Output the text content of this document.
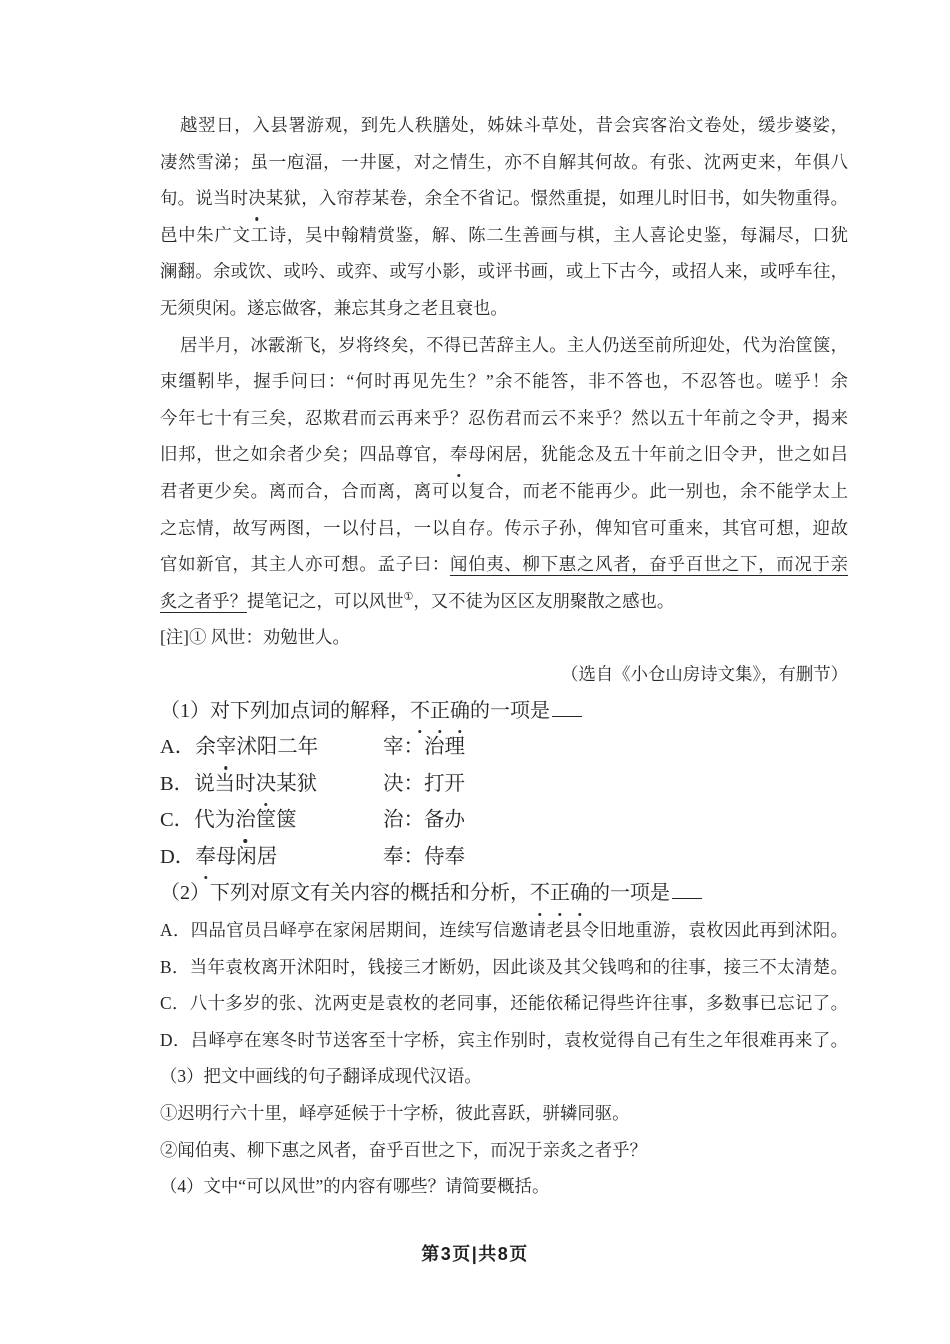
越翌日，入县署游观，到先人秩膳处，姊妹斗草处，昔会宾客治文卷处，缓步婆娑，
凄然雪涕；虽一庖湢，一井匽，对之情生，亦不自解其何故。有张、沈两吏来，年俱八
旬。说当时决某狱，入帘荐某卷，余全不省记。憬然重提，如理儿时旧书，如失物重得。
邑中朱广文工诗，吴中翰精赏鉴，解、陈二生善画与棋，主人喜论史鉴，每漏尽，口犹
澜翻。余或饮、或吟、或弈、或写小影，或评书画，或上下古今，或招人来，或呼车往，
无须臾闲。遂忘做客，兼忘其身之老且衰也。
居半月，冰霰渐飞，岁将终矣，不得已苦辞主人。主人仍送至前所迎处，代为治筐箧，
束缰靷毕，握手问曰：“何时再见先生？”余不能答，非不答也，不忍答也。嗟乎！余
今年七十有三矣，忍欺君而云再来乎？忍伤君而云不来乎？然以五十年前之令尹，揭来
旧邦，世之如余者少矣；四品尊官，奉母闲居，犹能念及五十年前之旧令尹，世之如吕
君者更少矣。离而合，合而离，离可以复合，而老不能再少。此一别也，余不能学太上
之忘情，故写两图，一以付吕，一以自存。传示子孙，俾知官可重来，其官可想，迎故
官如新官，其主人亦可想。孟子曰：闻伯夷、柳下惠之风者，奋乎百世之下，而况于亲
炙之者乎？提笔记之，可以风世①，又不徒为区区友朋聚散之感也。
[注]① 风世：劝勉世人。
（选自《小仓山房诗文集》，有删节）
（1）对下列加点词的解释，不正确的一项是
A．余宰沭阳二年	宰：治理
B．说当时决某狱	决：打开
C．代为治筐箧	治：备办
D．奉母闲居	奉：侍奉
（2）下列对原文有关内容的概括和分析，不正确的一项是
A．四品官员吕峄亭在家闲居期间，连续写信邀请老县令旧地重游，袁枚因此再到沭阳。
B．当年袁枚离开沭阳时，钱接三才断奶，因此谈及其父钱鸣和的往事，接三不太清楚。
C．八十多岁的张、沈两吏是袁枚的老同事，还能依稀记得些许往事，多数事已忘记了。
D．吕峄亭在寒冬时节送客至十字桥，宾主作别时，袁枚觉得自己有生之年很难再来了。
（3）把文中画线的句子翻译成现代汉语。
①迟明行六十里，峄亭延候于十字桥，彼此喜跃，骈辚同驱。
②闻伯夷、柳下惠之风者，奋乎百世之下，而况于亲炙之者乎？
（4）文中“可以风世”的内容有哪些？请简要概括。
第3页|共8页
